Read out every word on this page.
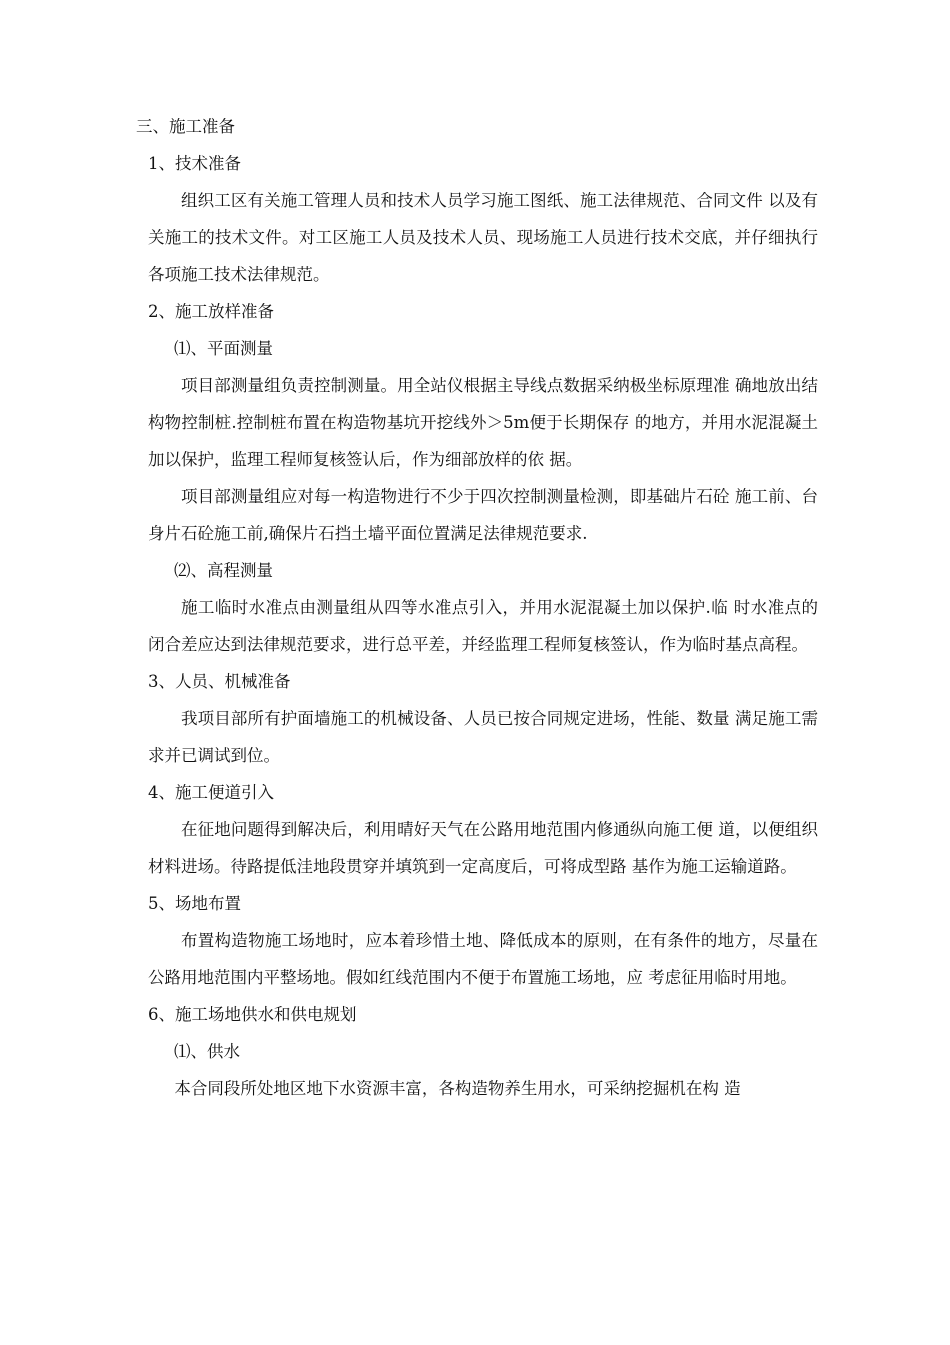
三、施工准备
1、技术准备

组织工区有关施工管理人员和技术人员学习施工图纸、施工法律规范、合同文件 以及有关施工的技术文件。对工区施工人员及技术人员、现场施工人员进行技术交底，并仔细执行各项施工技术法律规范。

2、施工放样准备
⑴、平面测量

项目部测量组负责控制测量。用全站仪根据主导线点数据采纳极坐标原理准 确地放出结构物控制桩.控制桩布置在构造物基坑开挖线外＞5m便于长期保存 的地方，并用水泥混凝土加以保护，监理工程师复核签认后，作为细部放样的依 据。

项目部测量组应对每一构造物进行不少于四次控制测量检测，即基础片石砼 施工前、台身片石砼施工前,确保片石挡土墙平面位置满足法律规范要求.

⑵、高程测量

施工临时水准点由测量组从四等水准点引入，并用水泥混凝土加以保护.临 时水准点的闭合差应达到法律规范要求，进行总平差，并经监理工程师复核签认，作为临时基点高程。

3、人员、机械准备

我项目部所有护面墙施工的机械设备、人员已按合同规定进场，性能、数量 满足施工需求并已调试到位。

4、施工便道引入

在征地问题得到解决后，利用晴好天气在公路用地范围内修通纵向施工便 道，以便组织材料进场。待路提低洼地段贯穿并填筑到一定高度后，可将成型路 基作为施工运输道路。

5、场地布置

布置构造物施工场地时，应本着珍惜土地、降低成本的原则，在有条件的地方，尽量在公路用地范围内平整场地。假如红线范围内不便于布置施工场地，应 考虑征用临时用地。

6、施工场地供水和供电规划
⑴、供水

本合同段所处地区地下水资源丰富，各构造物养生用水，可采纳挖掘机在构 造
